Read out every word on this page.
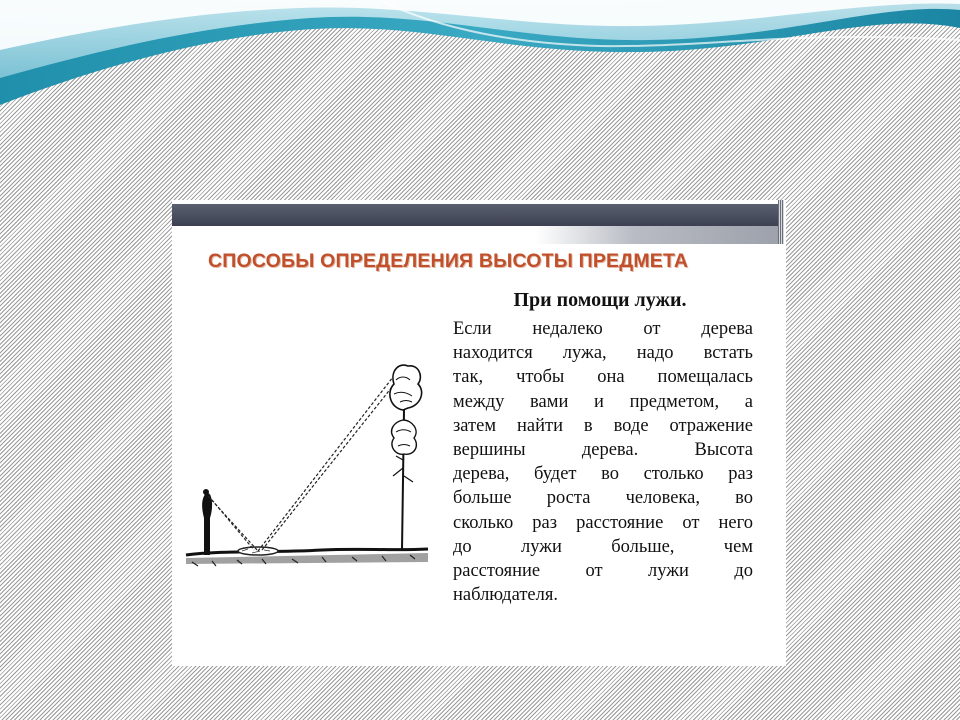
СПОСОБЫ ОПРЕДЕЛЕНИЯ ВЫСОТЫ ПРЕДМЕТА
При помощи лужи.
Если недалеко от дерева
находится лужа, надо встать
так, чтобы она помещалась
между вами и предметом, а
затем найти в воде отражение
вершины дерева. Высота
дерева, будет во столько раз
больше роста человека, во
сколько раз расстояние от него
до лужи больше, чем
расстояние от лужи до
наблюдателя.
